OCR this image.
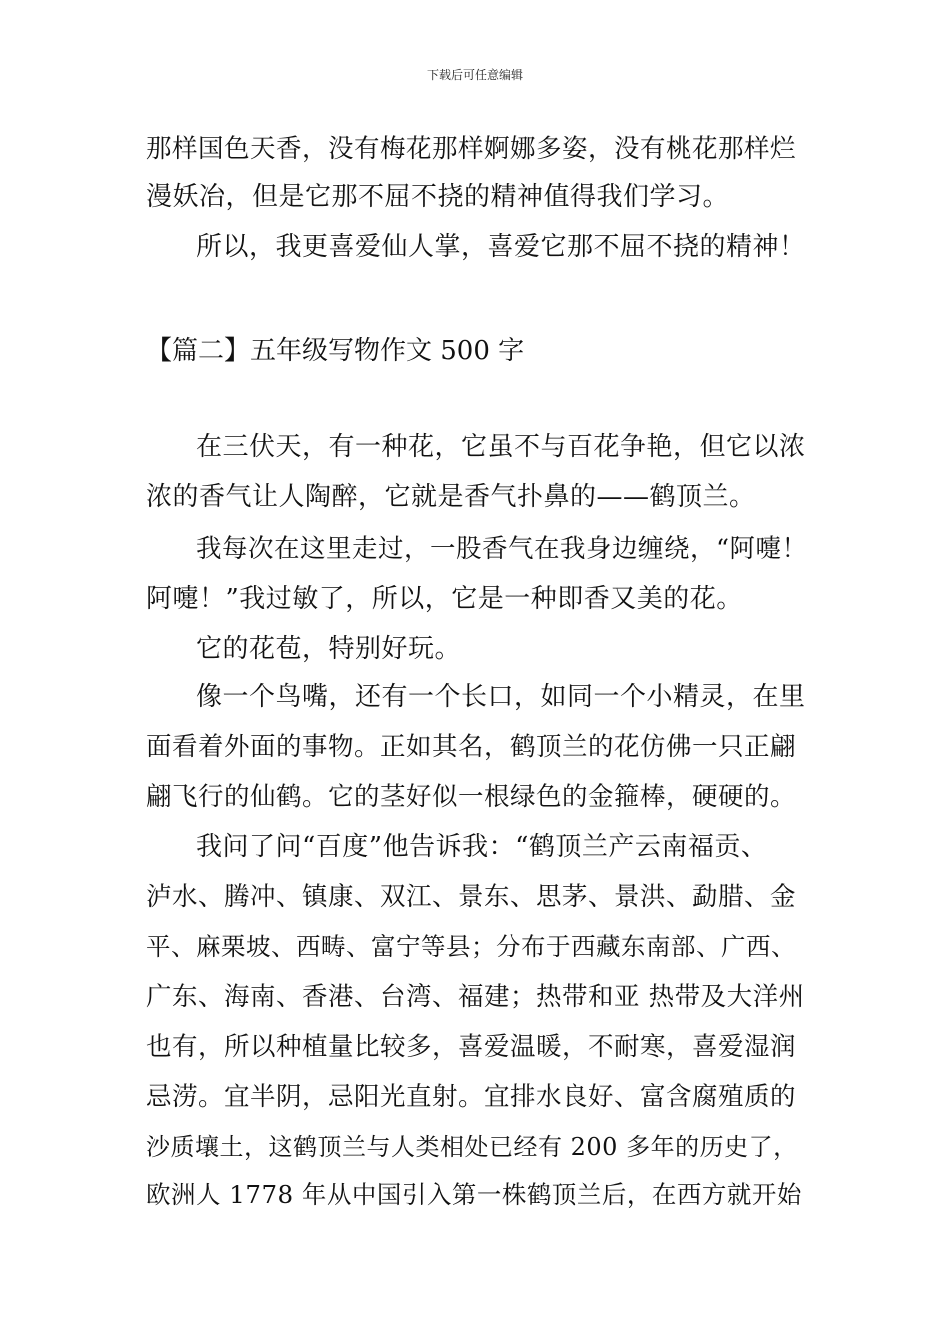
下载后可任意编辑
那样国色天香，没有梅花那样婀娜多姿，没有桃花那样烂
漫妖冶，但是它那不屈不挠的精神值得我们学习。
所以，我更喜爱仙人掌，喜爱它那不屈不挠的精神！
【篇二】五年级写物作文 500 字
在三伏天，有一种花，它虽不与百花争艳，但它以浓
浓的香气让人陶醉，它就是香气扑鼻的——鹤顶兰。
我每次在这里走过，一股香气在我身边缠绕，“阿嚏！
阿嚏！”我过敏了，所以，它是一种即香又美的花。
它的花苞，特别好玩。
像一个鸟嘴，还有一个长口，如同一个小精灵，在里
面看着外面的事物。正如其名，鹤顶兰的花仿佛一只正翩
翩飞行的仙鹤。它的茎好似一根绿色的金箍棒，硬硬的。
我问了问“百度”他告诉我：“鹤顶兰产云南福贡、
泸水、腾冲、镇康、双江、景东、思茅、景洪、勐腊、金
平、麻栗坡、西畴、富宁等县；分布于西藏东南部、广西、
广东、海南、香港、台湾、福建；热带和亚 热带及大洋州
也有，所以种植量比较多，喜爱温暖，不耐寒，喜爱湿润
忌涝。宜半阴，忌阳光直射。宜排水良好、富含腐殖质的
沙质壤土，这鹤顶兰与人类相处已经有 200 多年的历史了，
欧洲人 1778 年从中国引入第一株鹤顶兰后，在西方就开始
